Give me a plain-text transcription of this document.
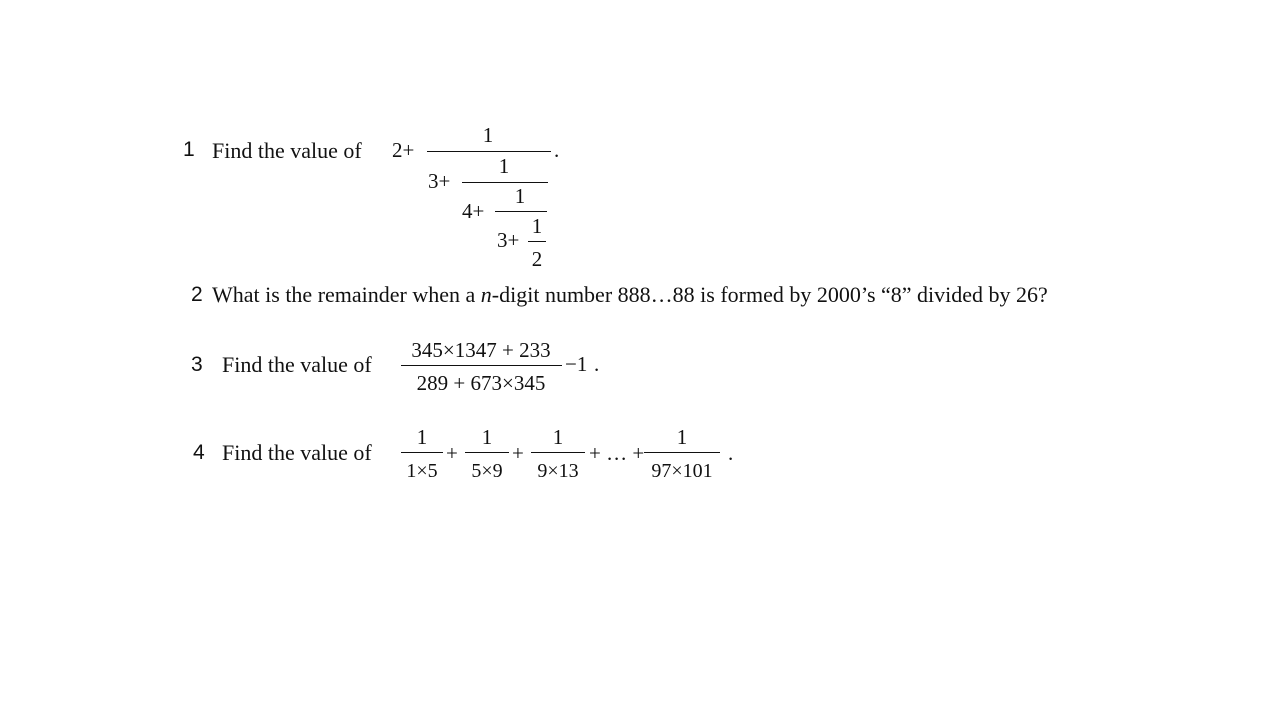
1 Find the value of 2+
1
.
3+
1
4+
1
3+
1
2
2 What is the remainder when a n-digit number 888…88 is formed by 2000’s “8” divided by 26?
3 Find the value of
345×1347 + 233
289 + 673×345
−1 .
4 Find the value of
1
1×5
+
1
5×9
+
1
9×13
+ … +
1
97×101
.
